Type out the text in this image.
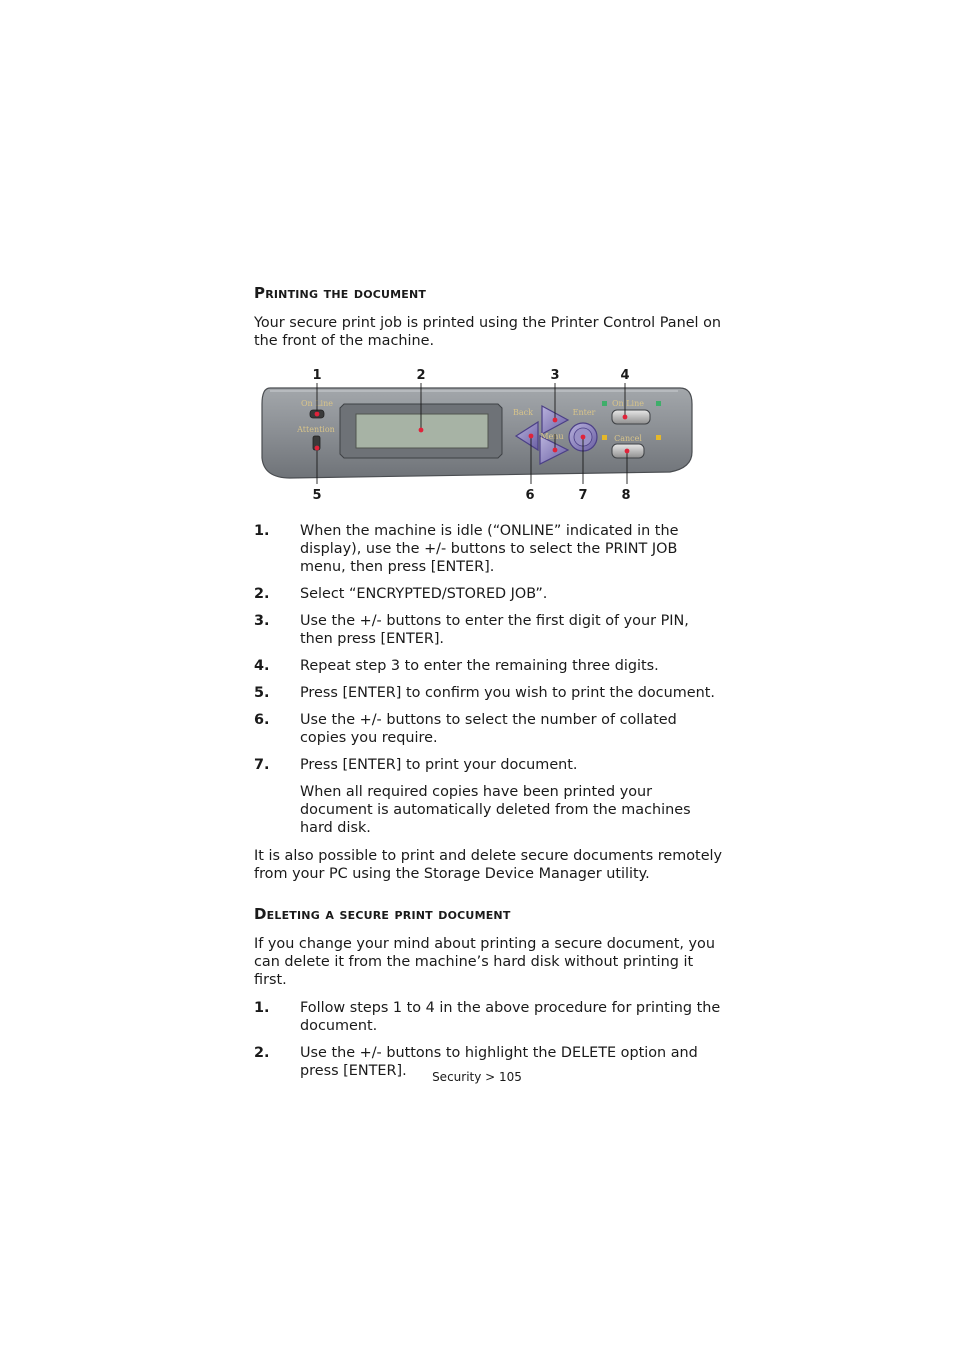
Printing the document

Your secure print job is printed using the Printer Control Panel on the front of the machine.

1	2	3	4
On Line
Attention
Back	Enter
Menu
On Line
Cancel
5	6	7	8
1. When the machine is idle (“ONLINE” indicated in the display), use the +/- buttons to select the PRINT JOB menu, then press [ENTER].
2. Select “ENCRYPTED/STORED JOB”.
3. Use the +/- buttons to enter the first digit of your PIN, then press [ENTER].
4. Repeat step 3 to enter the remaining three digits.
5. Press [ENTER] to confirm you wish to print the document.
6. Use the +/- buttons to select the number of collated copies you require.
7. Press [ENTER] to print your document.

When all required copies have been printed your document is automatically deleted from the machines hard disk.

It is also possible to print and delete secure documents remotely from your PC using the Storage Device Manager utility.

Deleting a secure print document

If you change your mind about printing a secure document, you can delete it from the machine’s hard disk without printing it first.

1. Follow steps 1 to 4 in the above procedure for printing the document.
2. Use the +/- buttons to highlight the DELETE option and press [ENTER].	Security > 105
